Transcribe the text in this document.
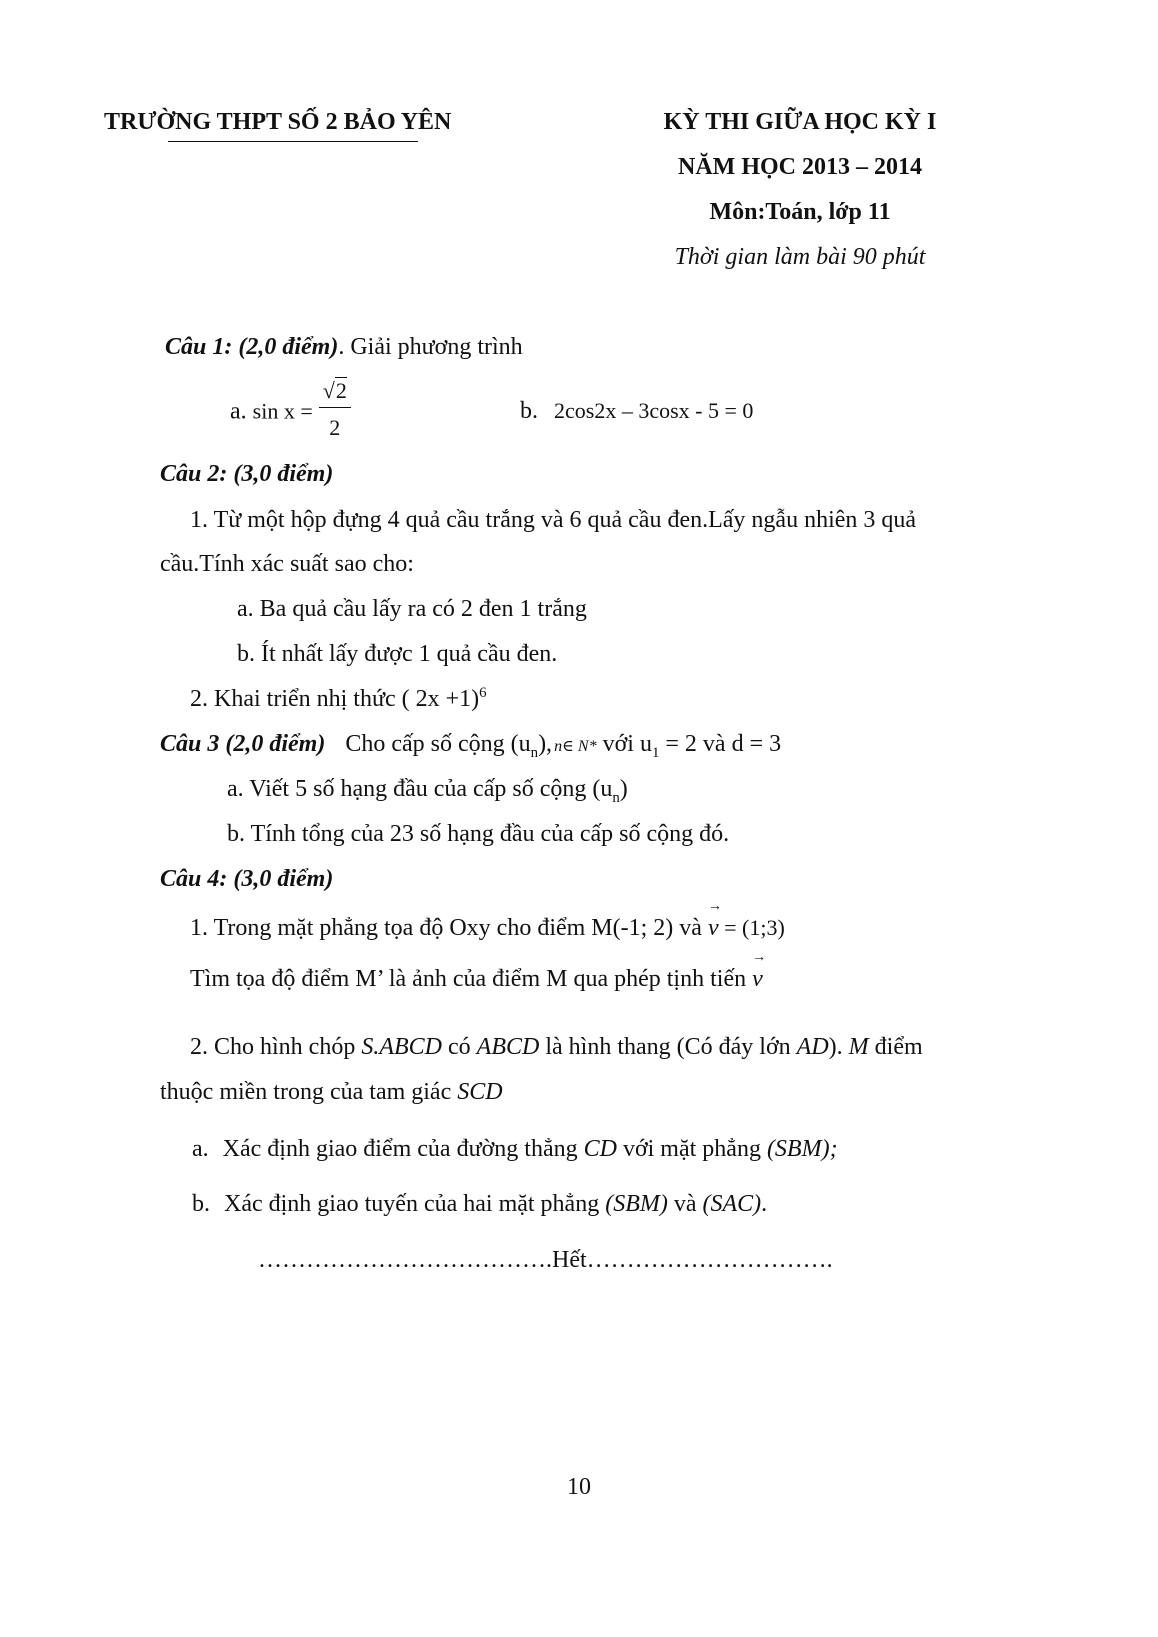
TRƯỜNG THPT SỐ 2 BẢO YÊN	KỲ THI GIỮA HỌC KỲ I
NĂM HỌC 2013 – 2014
Môn:Toán, lớp 11
Thời gian làm bài 90 phút
Câu 1: (2,0 điểm). Giải phương trình
a. $\sin x = \frac{√2}{2}$	b. 2cos2x – 3cosx - 5 = 0
Câu 2: (3,0 điểm)
1. Từ một hộp đựng 4 quả cầu trắng và 6 quả cầu đen.Lấy ngẫu nhiên 3 quả
cầu.Tính xác suất sao cho:
a. Ba quả cầu lấy ra có 2 đen 1 trắng
b. Ít nhất lấy được 1 quả cầu đen.
2. Khai triển nhị thức ( 2x +1)$^6$
Câu 3 (2,0 điểm) Cho cấp số cộng $(u_n)$, n∈ N* với $u_1 = 2$ và d = 3
a. Viết 5 số hạng đầu của cấp số cộng $(u_n)$
b. Tính tổng của 23 số hạng đầu của cấp số cộng đó.
Câu 4: (3,0 điểm)
1. Trong mặt phẳng tọa độ Oxy cho điểm M(-1; 2) và → v = (1;3)
Tìm tọa độ điểm M’ là ảnh của điểm M qua phép tịnh tiến → v
2. Cho hình chóp S.ABCD có ABCD là hình thang (Có đáy lớn AD). M điểm
thuộc miền trong của tam giác SCD
a. Xác định giao điểm của đường thẳng CD với mặt phẳng (SBM);
b. Xác định giao tuyến của hai mặt phẳng (SBM) và (SAC).
……………………………….Hết………………………….
10
